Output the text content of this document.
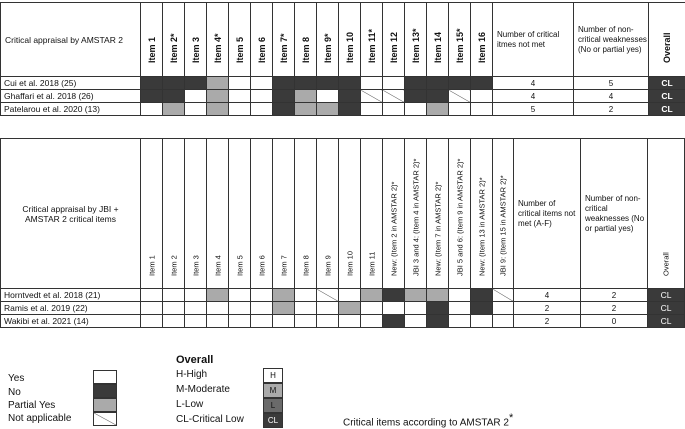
Critical appraisal by AMSTAR 2	Item 1	Item 2*	Item 3	Item 4*	Item 5	Item 6	Item 7*	Item 8	Item 9*	Item 10	Item 11*	Item 12	Item 13*	Item 14	Item 15*	Item 16	Number of critical itmes not met	Number of non-critical weaknesses (No or partial yes)	Overall

Cui et al. 2018 (25)																	4	5	CL
Ghaffari et al. 2018 (26)																	4	4	CL
Patelarou et al. 2020 (13)																	5	2	CL
Critical appraisal by JBI + AMSTAR 2 critical items	Item 1	Item 2	Item 3	Item 4	Item 5	Item 6	Item 7	Item 8	Item 9	Item 10	Item 11	New: (Item 2 in AMSTAR 2)*	JBI 3 and 4: (Item 4 in AMSTAR 2)*	New: (Item 7 in AMSTAR 2)*	JBI 5 and 6: (Item 9 in AMSTAR 2)*	New: (Item 13 in AMSTAR 2)*	JBI 9: (Item 15 in AMSTAR 2)*	Number of critical items not met (A-F)	Number of non-critical weaknesses (No or partial yes)	Overall

Horntvedt et al. 2018 (21)																		4	2	CL
Ramis et al. 2019 (22)																		2	2	CL
Wakibi et al. 2021 (14)																		2	0	CL
Yes
No
Partial Yes
Not applicable
Overall
H-High	H
M-Moderate	M
L-Low	L
CL-Critical Low	CL	Critical items according to AMSTAR 2*
